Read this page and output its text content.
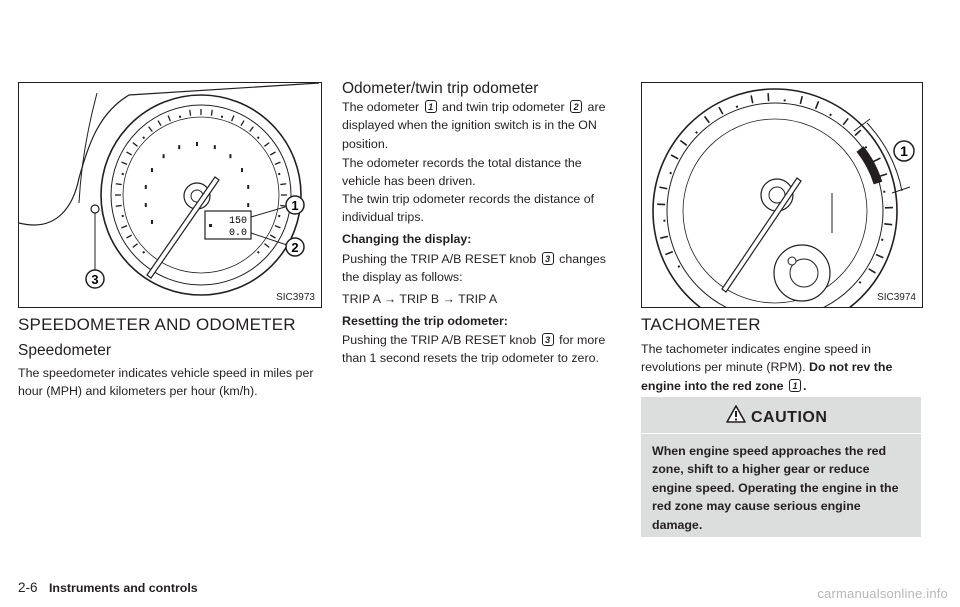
150
0.0
1
2
3
SIC3973
SPEEDOMETER AND ODOMETER
Speedometer

The speedometer indicates vehicle speed in miles per hour (MPH) and kilometers per hour (km/h).

Odometer/twin trip odometer

The odometer 1 and twin trip odometer 2 are displayed when the ignition switch is in the ON position.

The odometer records the total distance the vehicle has been driven.

The twin trip odometer records the distance of individual trips.

Changing the display:

Pushing the TRIP A/B RESET knob 3 changes the display as follows:

TRIP A → TRIP B → TRIP A

Resetting the trip odometer:

Pushing the TRIP A/B RESET knob 3 for more than 1 second resets the trip odometer to zero.

1
SIC3974
TACHOMETER

The tachometer indicates engine speed in revolutions per minute (RPM). Do not rev the engine into the red zone 1 .

CAUTION

When engine speed approaches the red zone, shift to a higher gear or reduce engine speed. Operating the engine in the red zone may cause serious engine damage.

2-6 Instruments and controls	carmanualsonline.info
